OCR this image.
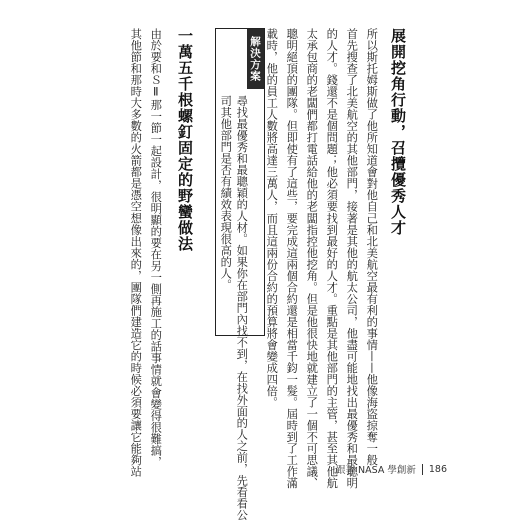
展開挖角行動，召攬優秀人才
所以斯托姆斯做了他所知道會對他自己和北美航空最有利的事情——他像海盜掠奪一般
首先搜查了北美航空的其他部門，接著是其他的航太公司，他盡可能地找出最優秀和最聰明
的人才。錢還不是個問題；他必須要找到最好的人才。重點是其他部門的主管，甚至其他航
太承包商的老闆們都打電話給他的老闆指控他挖角。但是他很快地就建立了一個不可思議、
聰明絕頂的團隊。但即使有了這些，要完成這兩個合約還是相當千鈞一髮。屆時到了工作滿
載時，他的員工人數將高達三萬人，而且這兩份合約的預算將會變成四倍。
解決方案
尋找最優秀和最聰穎的人材。如果你在部門內找不到，在找外面的人之前，先看看公
司其他部門是否有績效表現很高的人。
一萬五千根螺釘固定的野蠻做法
由於要和ＳⅡ那一節一起設計，很明顯的要在另一側再施工的話事情就會變得很難搞，
其他節和那時大多數的火箭都是憑空想像出來的，團隊們建造它的時候必須要讓它能夠站	跟著 NASA 學創新 186
